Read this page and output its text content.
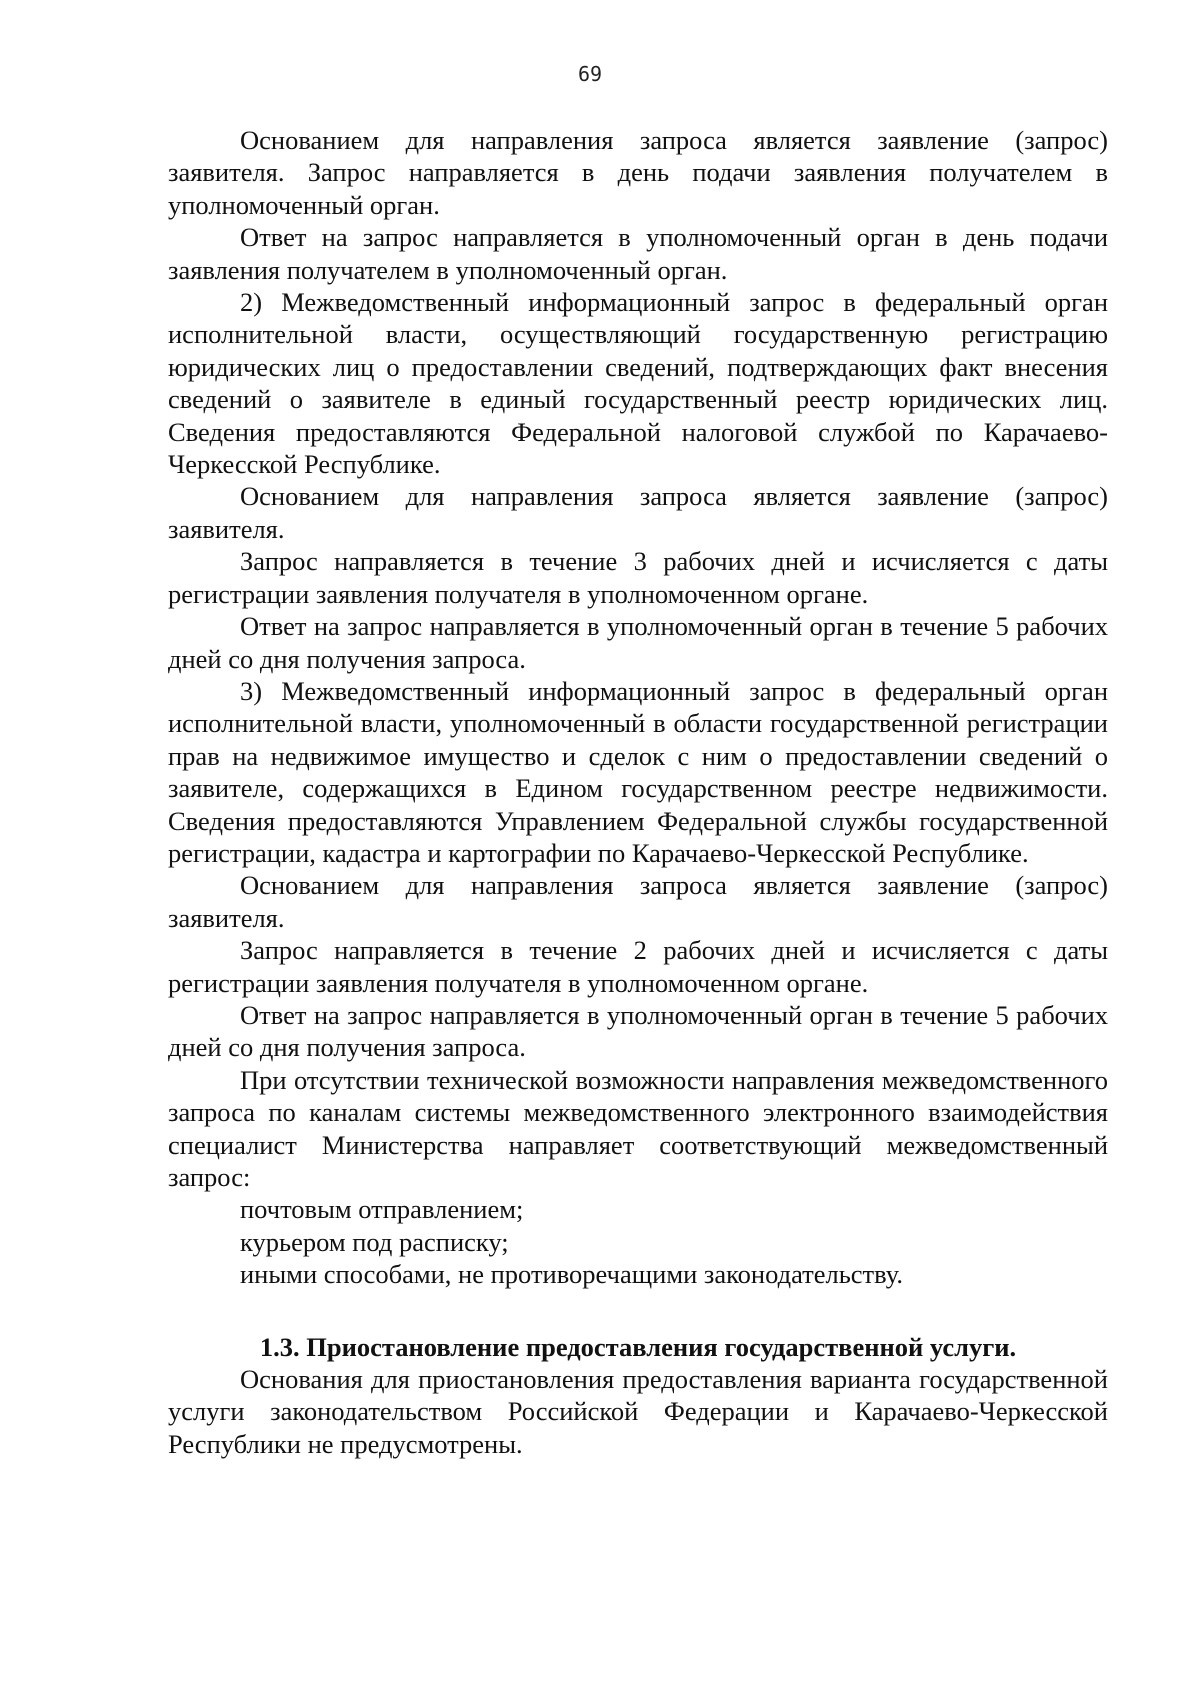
69

Основанием для направления запроса является заявление (запрос) заявителя. Запрос направляется в день подачи заявления получателем в уполномоченный орган.

Ответ на запрос направляется в уполномоченный орган в день подачи заявления получателем в уполномоченный орган.

2) Межведомственный информационный запрос в федеральный орган исполнительной власти, осуществляющий государственную регистрацию юридических лиц о предоставлении сведений, подтверждающих факт внесения сведений о заявителе в единый государственный реестр юридических лиц. Сведения предоставляются Федеральной налоговой службой по Карачаево-Черкесской Республике.

Основанием для направления запроса является заявление (запрос) заявителя.

Запрос направляется в течение 3 рабочих дней и исчисляется с даты регистрации заявления получателя в уполномоченном органе.

Ответ на запрос направляется в уполномоченный орган в течение 5 рабочих дней со дня получения запроса.

3) Межведомственный информационный запрос в федеральный орган исполнительной власти, уполномоченный в области государственной регистрации прав на недвижимое имущество и сделок с ним о предоставлении сведений о заявителе, содержащихся в Едином государственном реестре недвижимости. Сведения предоставляются Управлением Федеральной службы государственной регистрации, кадастра и картографии по Карачаево-Черкесской Республике.

Основанием для направления запроса является заявление (запрос) заявителя.

Запрос направляется в течение 2 рабочих дней и исчисляется с даты регистрации заявления получателя в уполномоченном органе.

Ответ на запрос направляется в уполномоченный орган в течение 5 рабочих дней со дня получения запроса.

При отсутствии технической возможности направления межведомственного запроса по каналам системы межведомственного электронного взаимодействия специалист Министерства направляет соответствующий межведомственный запрос:

почтовым отправлением;

курьером под расписку;

иными способами, не противоречащими законодательству.

1.3. Приостановление предоставления государственной услуги.

Основания для приостановления предоставления варианта государственной услуги законодательством Российской Федерации и Карачаево-Черкесской Республики не предусмотрены.
